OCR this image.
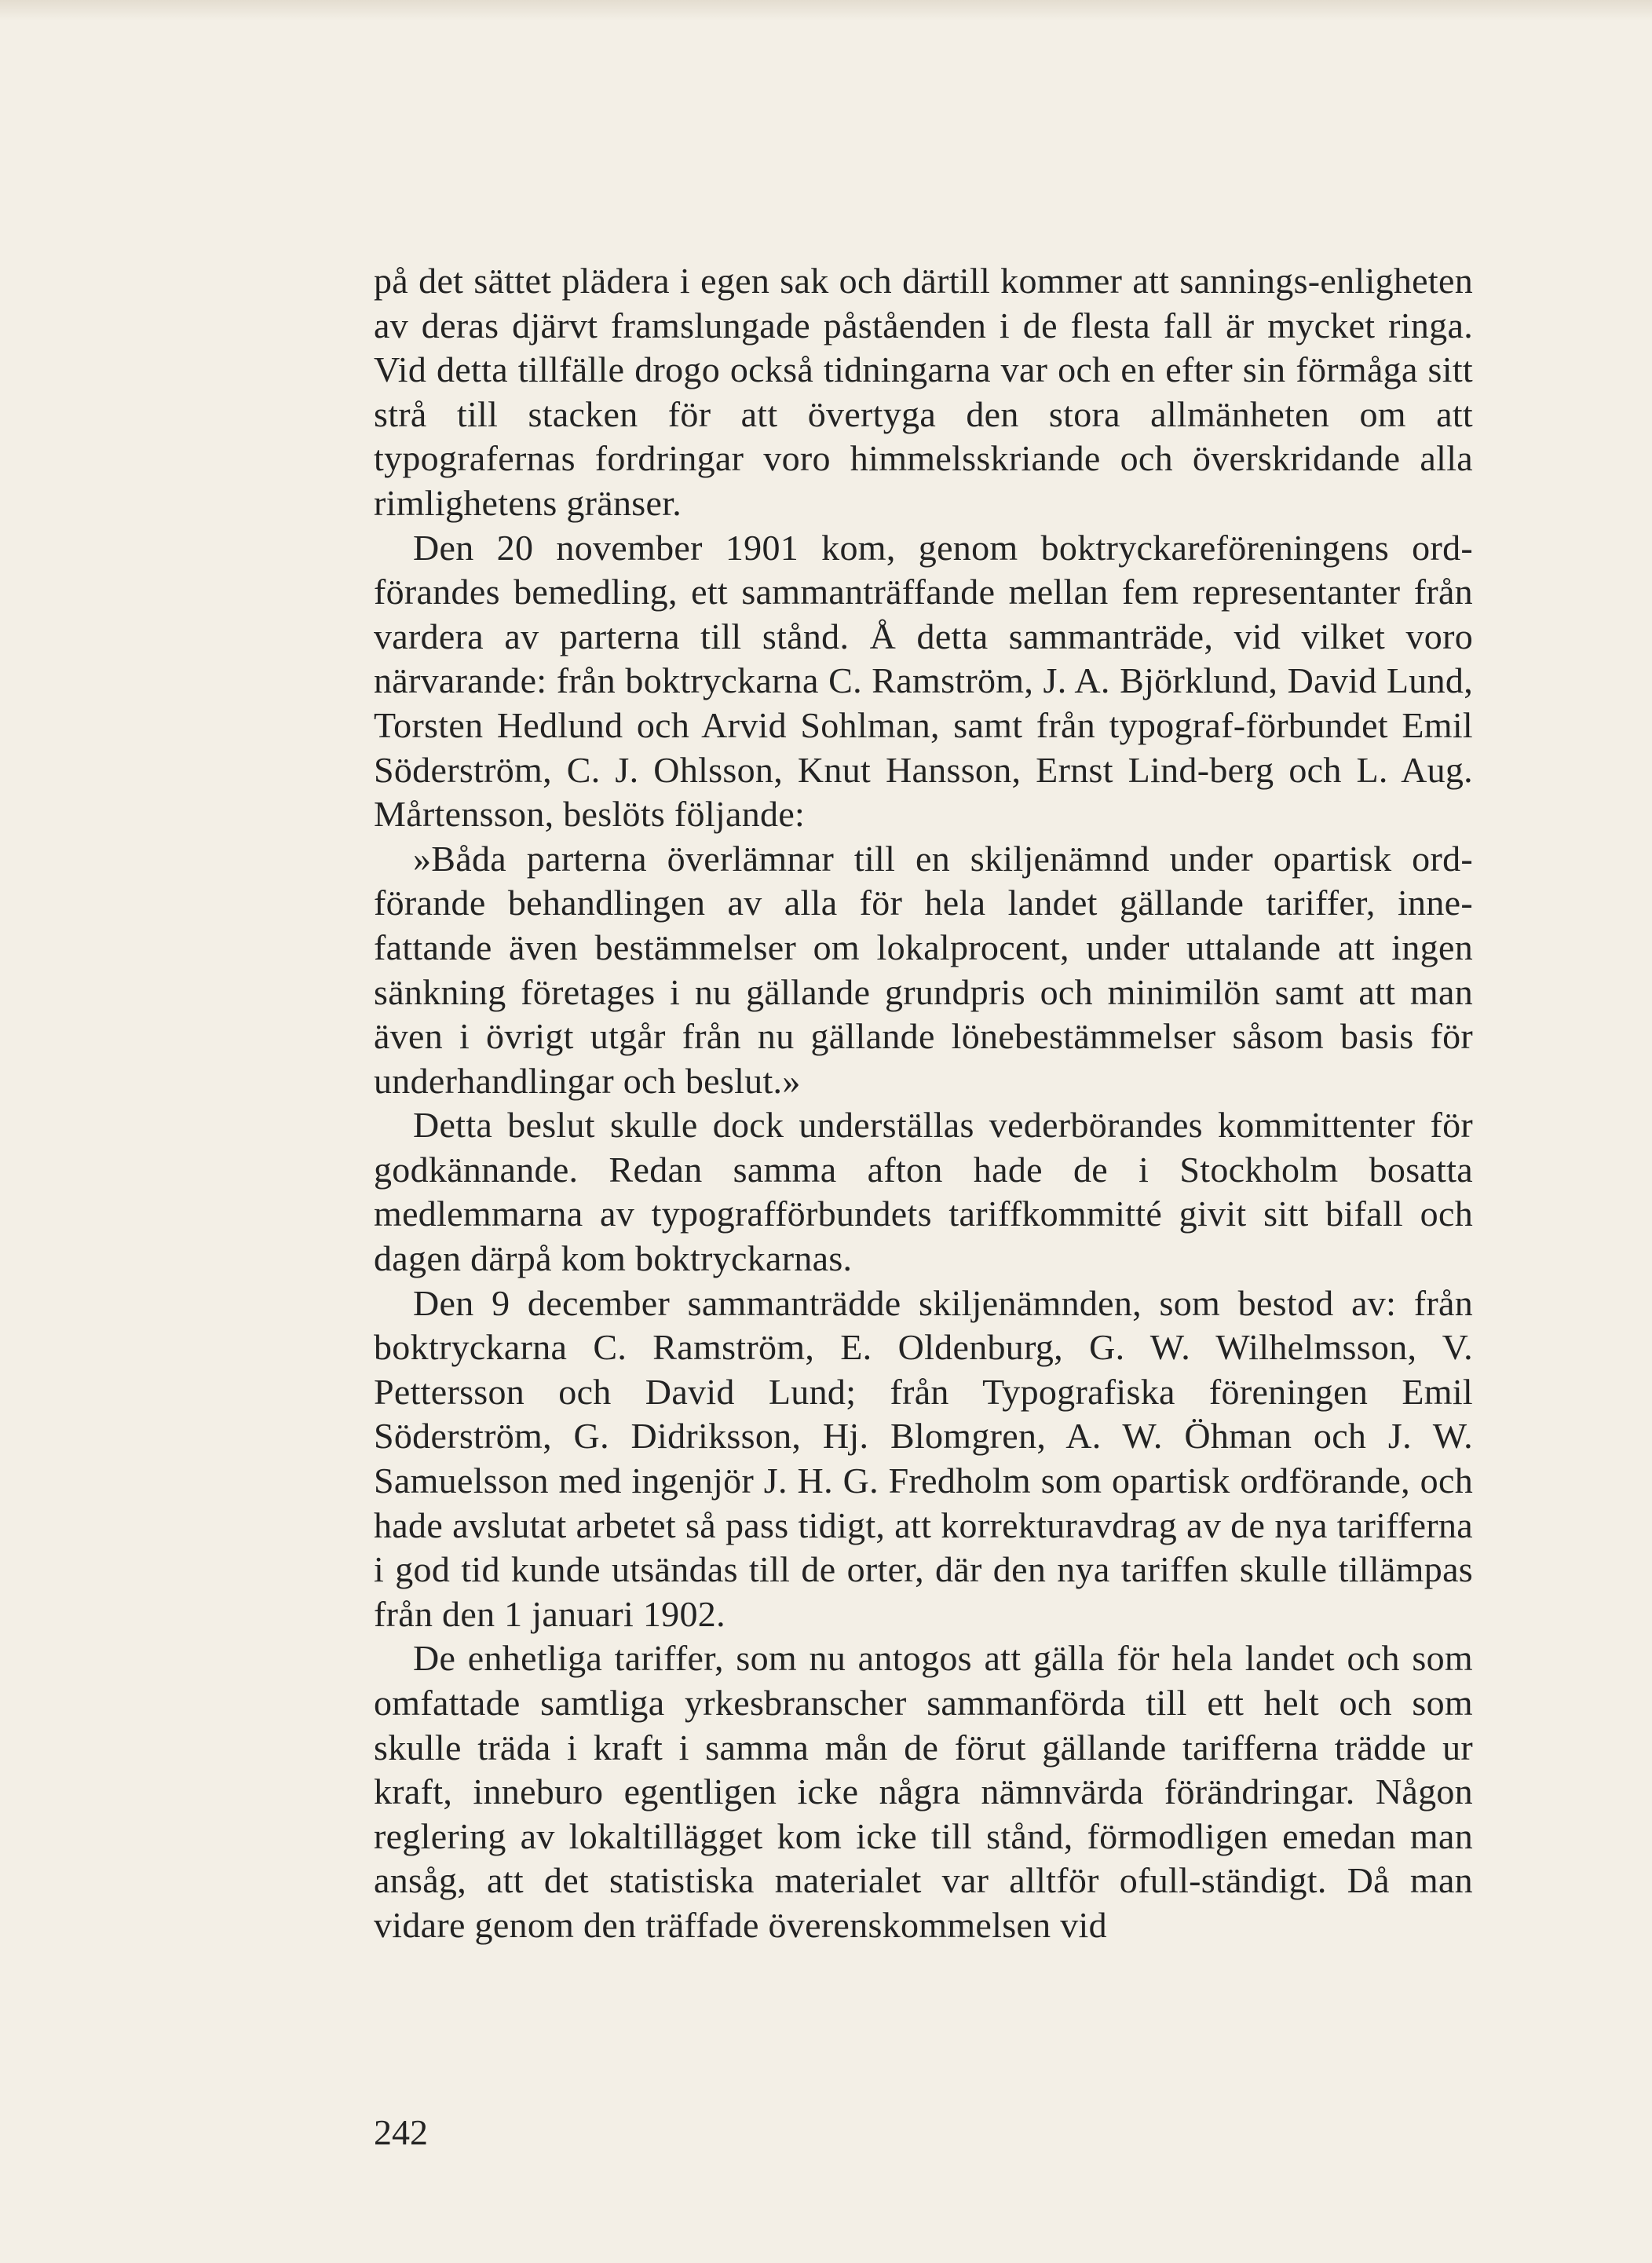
på det sättet plädera i egen sak och därtill kommer att sannings-enligheten av deras djärvt framslungade påståenden i de flesta fall är mycket ringa. Vid detta tillfälle drogo också tidningarna var och en efter sin förmåga sitt strå till stacken för att övertyga den stora allmänheten om att typografernas fordringar voro himmelsskriande och överskridande alla rimlighetens gränser.

Den 20 november 1901 kom, genom boktryckareföreningens ord-förandes bemedling, ett sammanträffande mellan fem representanter från vardera av parterna till stånd. Å detta sammanträde, vid vilket voro närvarande: från boktryckarna C. Ramström, J. A. Björklund, David Lund, Torsten Hedlund och Arvid Sohlman, samt från typograf-förbundet Emil Söderström, C. J. Ohlsson, Knut Hansson, Ernst Lind-berg och L. Aug. Mårtensson, beslöts följande:

»Båda parterna överlämnar till en skiljenämnd under opartisk ord-förande behandlingen av alla för hela landet gällande tariffer, inne-fattande även bestämmelser om lokalprocent, under uttalande att ingen sänkning företages i nu gällande grundpris och minimilön samt att man även i övrigt utgår från nu gällande lönebestämmelser såsom basis för underhandlingar och beslut.»

Detta beslut skulle dock underställas vederbörandes kommittenter för godkännande. Redan samma afton hade de i Stockholm bosatta medlemmarna av typografförbundets tariffkommitté givit sitt bifall och dagen därpå kom boktryckarnas.

Den 9 december sammanträdde skiljenämnden, som bestod av: från boktryckarna C. Ramström, E. Oldenburg, G. W. Wilhelmsson, V. Pettersson och David Lund; från Typografiska föreningen Emil Söderström, G. Didriksson, Hj. Blomgren, A. W. Öhman och J. W. Samuelsson med ingenjör J. H. G. Fredholm som opartisk ordförande, och hade avslutat arbetet så pass tidigt, att korrekturavdrag av de nya tarifferna i god tid kunde utsändas till de orter, där den nya tariffen skulle tillämpas från den 1 januari 1902.

De enhetliga tariffer, som nu antogos att gälla för hela landet och som omfattade samtliga yrkesbranscher sammanförda till ett helt och som skulle träda i kraft i samma mån de förut gällande tarifferna trädde ur kraft, inneburo egentligen icke några nämnvärda förändringar. Någon reglering av lokaltillägget kom icke till stånd, förmodligen emedan man ansåg, att det statistiska materialet var alltför ofull-ständigt. Då man vidare genom den träffade överenskommelsen vid

242
